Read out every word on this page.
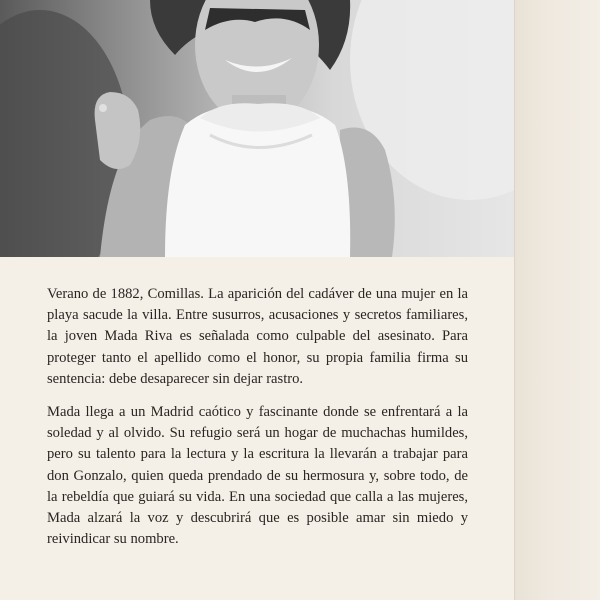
Verano de 1882, Comillas. La aparición del cadáver de una mujer en la playa sacude la villa. Entre susurros, acusaciones y secretos familiares, la joven Mada Riva es señalada como culpable del asesinato. Para proteger tanto el apellido como el honor, su propia familia firma su sentencia: debe desaparecer sin dejar rastro.

Mada llega a un Madrid caótico y fascinante donde se enfrentará a la soledad y al olvido. Su refugio será un hogar de muchachas humildes, pero su talento para la lectura y la escritura la llevarán a trabajar para don Gonzalo, quien queda prendado de su hermosura y, sobre todo, de la rebeldía que guiará su vida. En una sociedad que calla a las mujeres, Mada alzará la voz y descubrirá que es posible amar sin miedo y reivindicar su nombre.
